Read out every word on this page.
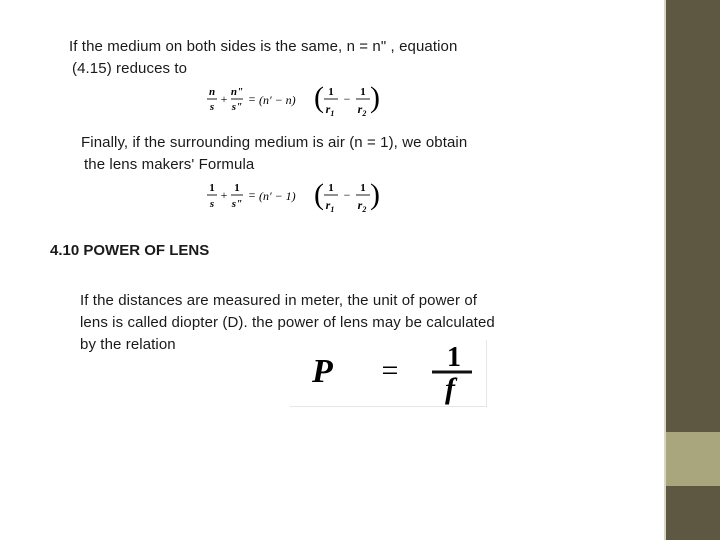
If the medium on both sides is the same, n = n" , equation
(4.15) reduces to
n
s
+ n"
s"
= (n' − n) ( 1
$r_1$
− 1
$r_2$ )
Finally, if the surrounding medium is air (n = 1), we obtain
the lens makers' Formula
1
s
+ 1
s"
= (n' − 1) ( 1
$r_1$
− 1
$r_2$ )
4.10 POWER OF LENS
If the distances are measured in meter, the unit of power of
lens is called diopter (D). the power of lens may be calculated
by the relation
P = 1
f
